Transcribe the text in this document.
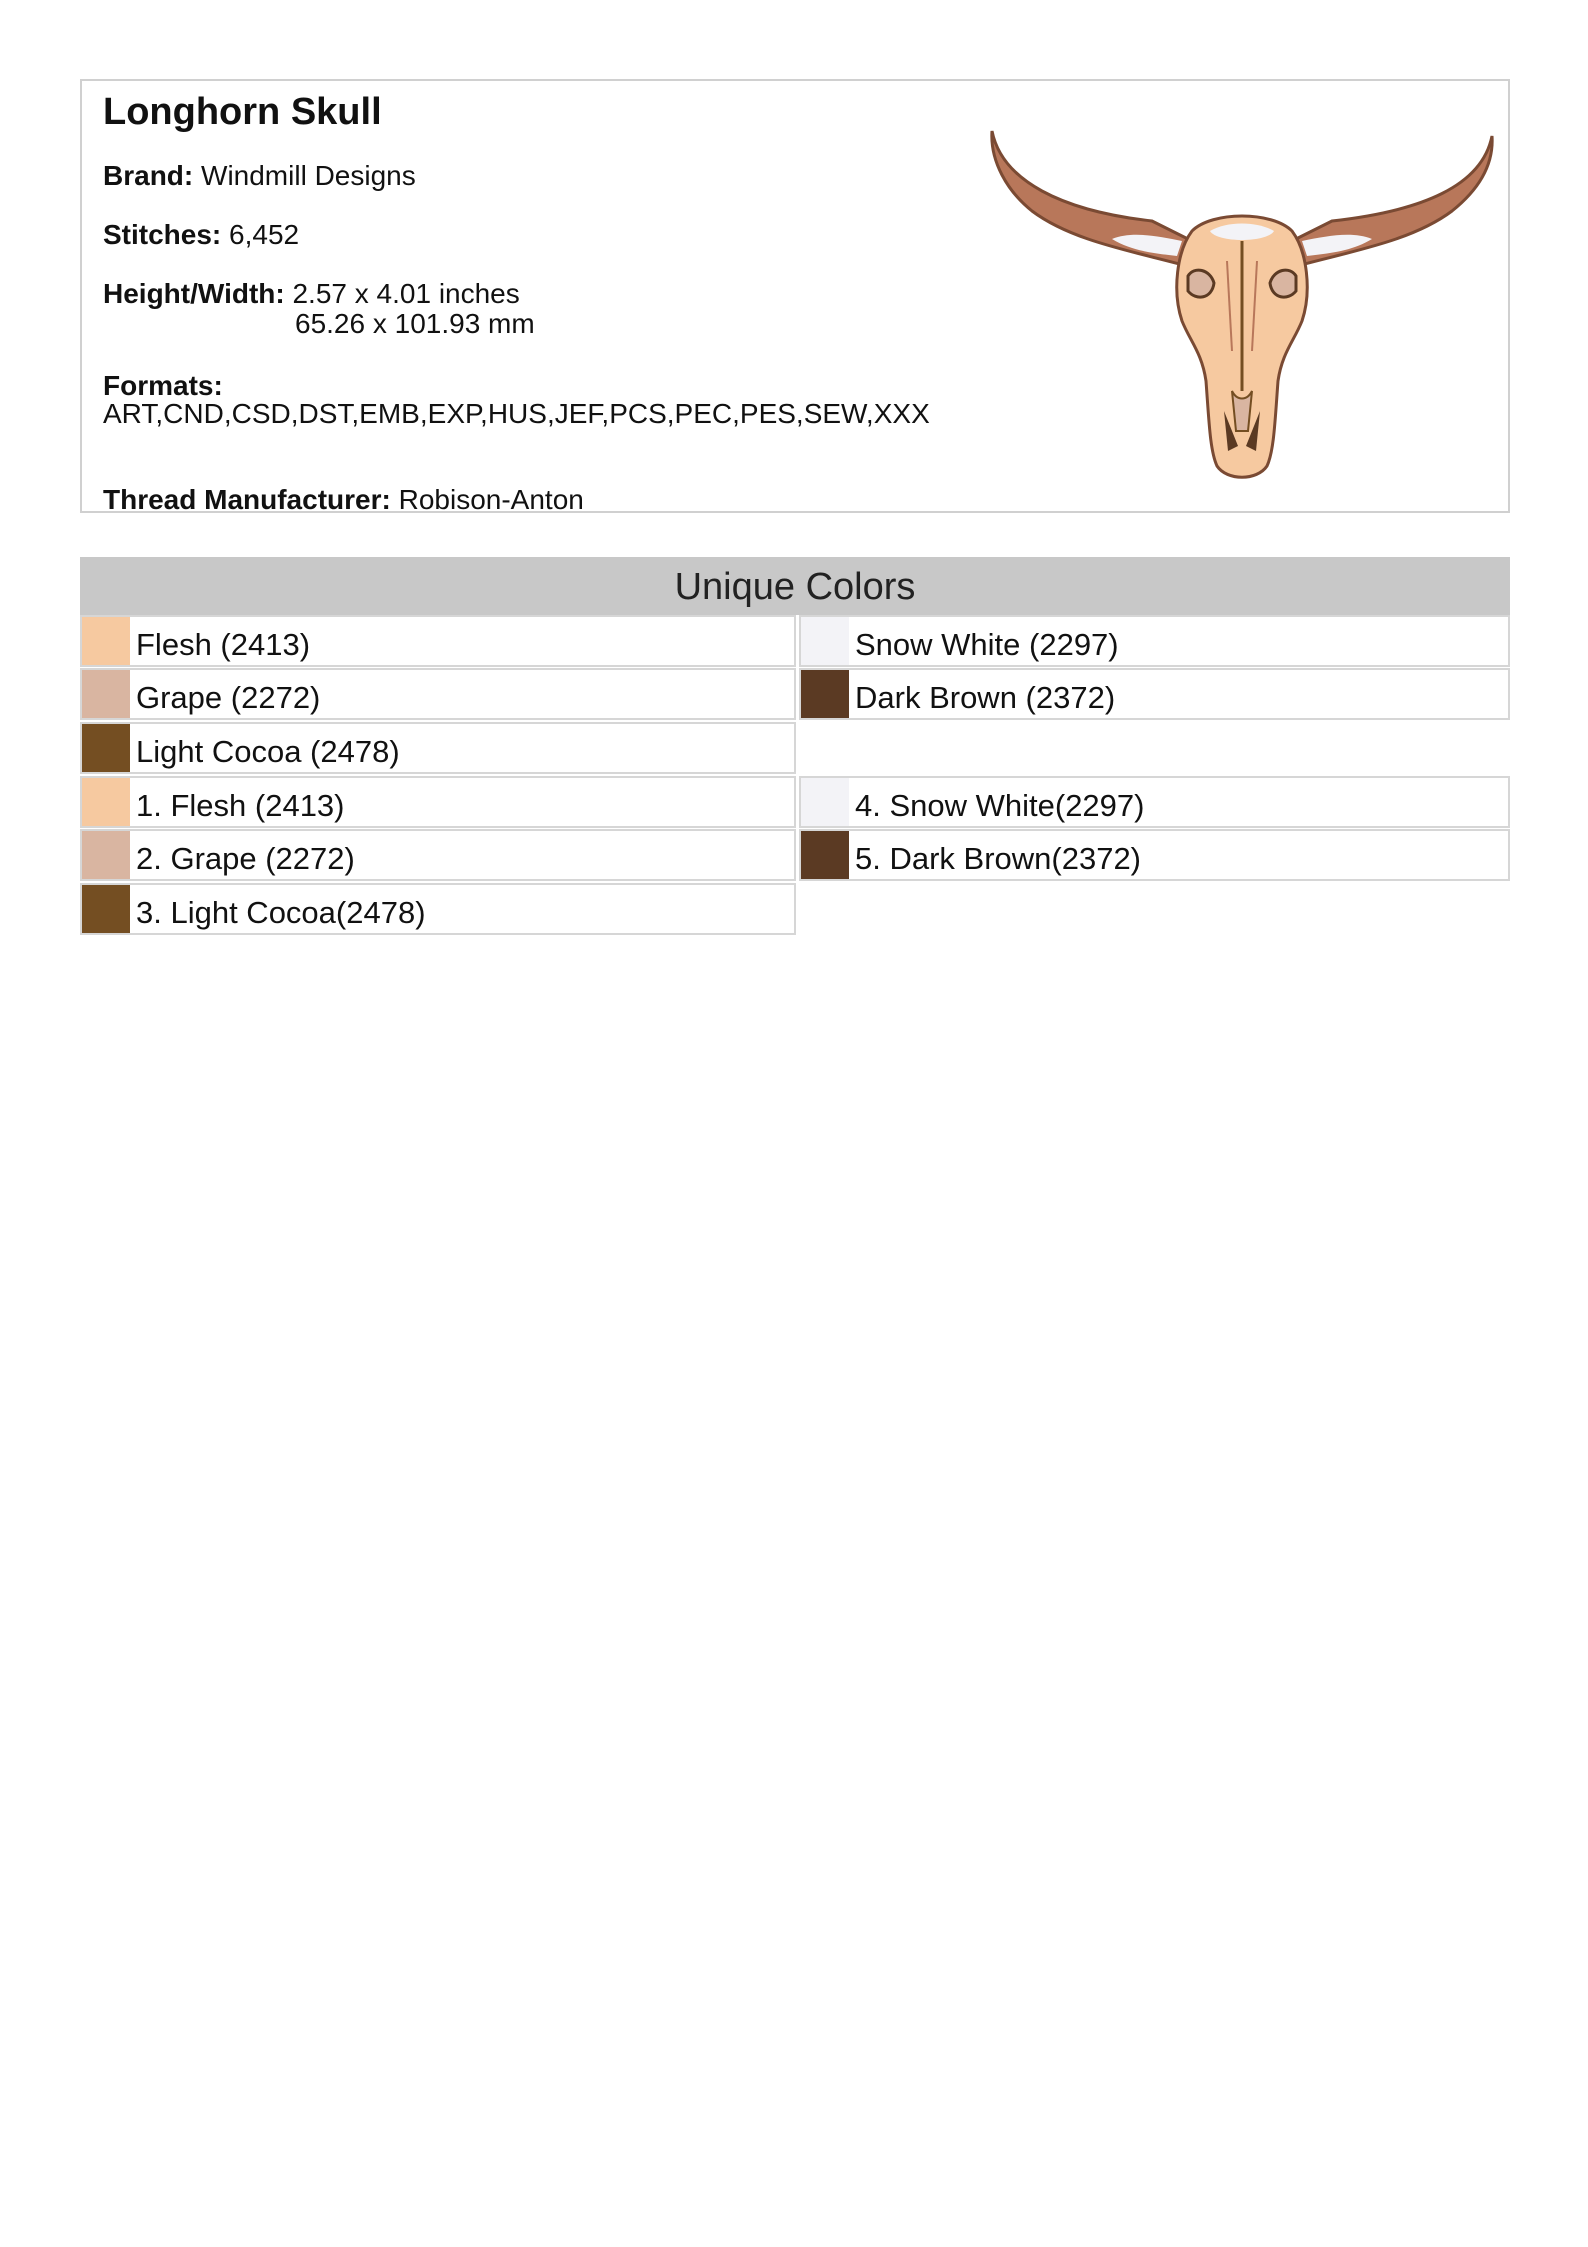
Longhorn Skull
Brand: Windmill Designs
Stitches: 6,452
Height/Width: 2.57 x 4.01 inches
65.26 x 101.93 mm
Formats:
ART,CND,CSD,DST,EMB,EXP,HUS,JEF,PCS,PEC,PES,SEW,XXX
Thread Manufacturer: Robison-Anton
Unique Colors
Flesh (2413)
Grape (2272)
Light Cocoa (2478)
Snow White (2297)
Dark Brown (2372)
1. Flesh (2413)
2. Grape (2272)
3. Light Cocoa(2478)
4. Snow White(2297)
5. Dark Brown(2372)
